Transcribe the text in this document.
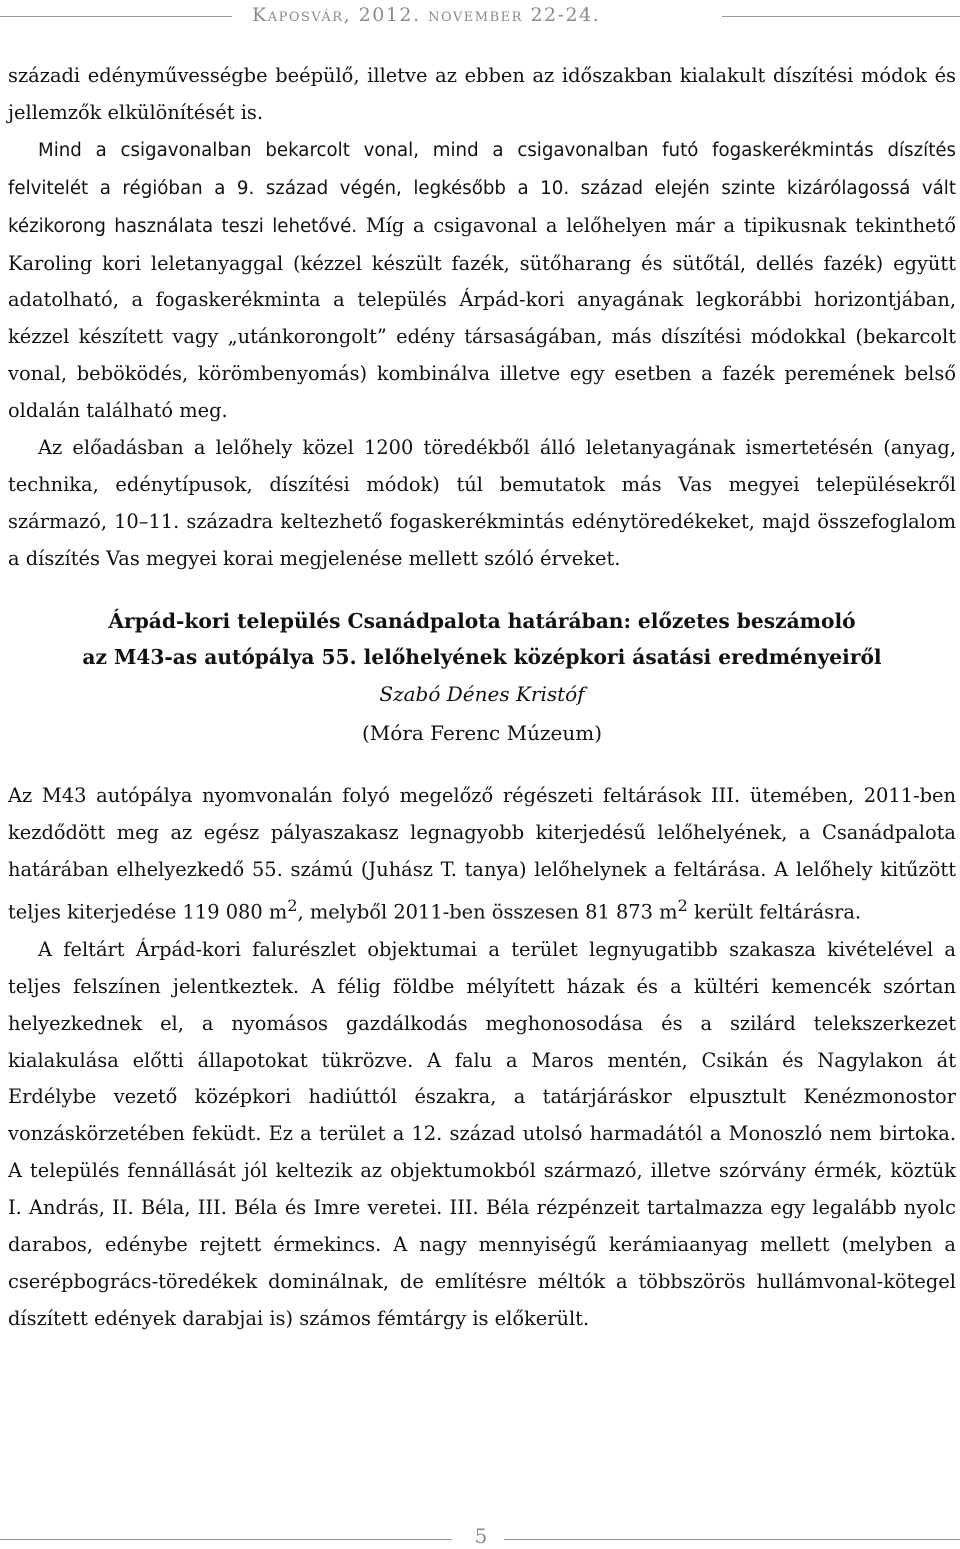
Kaposvár, 2012. november 22-24.

századi edényművességbe beépülő, illetve az ebben az időszakban kialakult díszítési módok és jellemzők elkülönítését is.

Mind a csigavonalban bekarcolt vonal, mind a csigavonalban futó fogaskerékmintás díszítés felvitelét a régióban a 9. század végén, legkésőbb a 10. század elején szinte kizárólagossá vált kézikorong használata teszi lehetővé. Míg a csigavonal a lelőhelyen már a tipikusnak tekinthető Karoling kori leletanyaggal (kézzel készült fazék, sütőharang és sütőtál, dellés fazék) együtt adatolható, a fogaskerékminta a település Árpád-kori anyagának legkorábbi horizontjában, kézzel készített vagy „utánkorongolt” edény társaságában, más díszítési módokkal (bekarcolt vonal, beböködés, körömbenyomás) kombinálva illetve egy esetben a fazék peremének belső oldalán található meg.

Az előadásban a lelőhely közel 1200 töredékből álló leletanyagának ismertetésén (anyag, technika, edénytípusok, díszítési módok) túl bemutatok más Vas megyei településekről származó, 10–11. századra keltezhető fogaskerékmintás edénytöredékeket, majd összefoglalom a díszítés Vas megyei korai megjelenése mellett szóló érveket.

Árpád-kori település Csanádpalota határában: előzetes beszámoló
az M43-as autópálya 55. lelőhelyének középkori ásatási eredményeiről
Szabó Dénes Kristóf
(Móra Ferenc Múzeum)

Az M43 autópálya nyomvonalán folyó megelőző régészeti feltárások III. ütemében, 2011-ben kezdődött meg az egész pályaszakasz legnagyobb kiterjedésű lelőhelyének, a Csanádpalota határában elhelyezkedő 55. számú (Juhász T. tanya) lelőhelynek a feltárása. A lelőhely kitűzött teljes kiterjedése 119 080 $m^2$, melyből 2011-ben összesen 81 873 $m^2$ került feltárásra.

A feltárt Árpád-kori falurészlet objektumai a terület legnyugatibb szakasza kivételével a teljes felszínen jelentkeztek. A félig földbe mélyített házak és a kültéri kemencék szórtan helyezkednek el, a nyomásos gazdálkodás meghonosodása és a szilárd telekszerkezet kialakulása előtti állapotokat tükrözve. A falu a Maros mentén, Csikán és Nagylakon át Erdélybe vezető középkori hadiúttól északra, a tatárjáráskor elpusztult Kenézmonostor vonzáskörzetében feküdt. Ez a terület a 12. század utolsó harmadától a Monoszló nem birtoka. A település fennállását jól keltezik az objektumokból származó, illetve szórvány érmék, köztük I. András, II. Béla, III. Béla és Imre veretei. III. Béla rézpénzeit tartalmazza egy legalább nyolc darabos, edénybe rejtett érmekincs. A nagy mennyiségű kerámiaanyag mellett (melyben a cserépbogrács-töredékek dominálnak, de említésre méltók a többszörös hullámvonal-kötegel díszített edények darabjai is) számos fémtárgy is előkerült.

5
